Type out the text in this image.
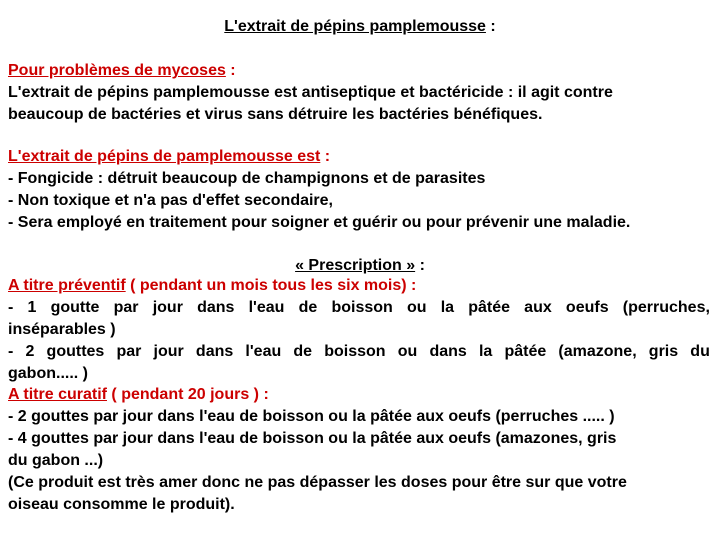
L'extrait de pépins pamplemousse :
Pour problèmes de mycoses :
L'extrait de pépins pamplemousse est antiseptique et bactéricide : il agit contre
beaucoup de bactéries et virus sans détruire les bactéries bénéfiques.
L'extrait de pépins de pamplemousse est :
- Fongicide : détruit beaucoup de champignons et de parasites
- Non toxique et n'a pas d'effet secondaire,
- Sera employé en traitement pour soigner et guérir ou pour prévenir une maladie.
« Prescription » :
A titre préventif ( pendant un mois tous les six mois) :
- 1 goutte par jour dans l'eau de boisson ou la pâtée aux oeufs (perruches,
inséparables )
- 2 gouttes par jour dans l'eau de boisson ou dans la pâtée (amazone, gris du
gabon..... )
A titre curatif ( pendant 20 jours ) :
- 2 gouttes par jour dans l'eau de boisson ou la pâtée aux oeufs (perruches ..... )
- 4 gouttes par jour dans l'eau de boisson ou la pâtée aux oeufs (amazones, gris
du gabon ...)
(Ce produit est très amer donc ne pas dépasser les doses pour être sur que votre
oiseau consomme le produit).
